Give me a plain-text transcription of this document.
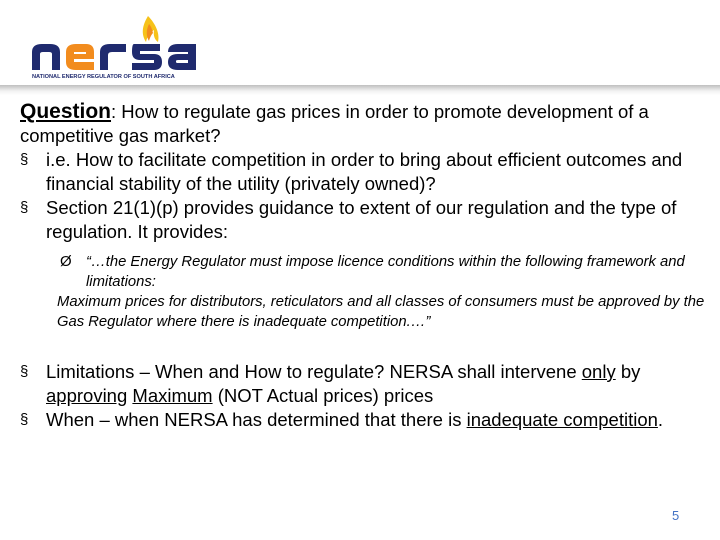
NATIONAL ENERGY REGULATOR OF SOUTH AFRICA

Question: How to regulate gas prices in order to promote development of a competitive gas market?

§ i.e. How to facilitate competition in order to bring about efficient outcomes and financial stability of the utility (privately owned)?

§ Section 21(1)(p) provides guidance to extent of our regulation and the type of regulation. It provides:

Ø “…the Energy Regulator must impose licence conditions within the following framework and limitations:

Maximum prices for distributors, reticulators and all classes of consumers must be approved by the Gas Regulator where there is inadequate competition.…”

§ Limitations – When and How to regulate? NERSA shall intervene only by approving Maximum (NOT Actual prices) prices

§ When – when NERSA has determined that there is inadequate competition.

5
